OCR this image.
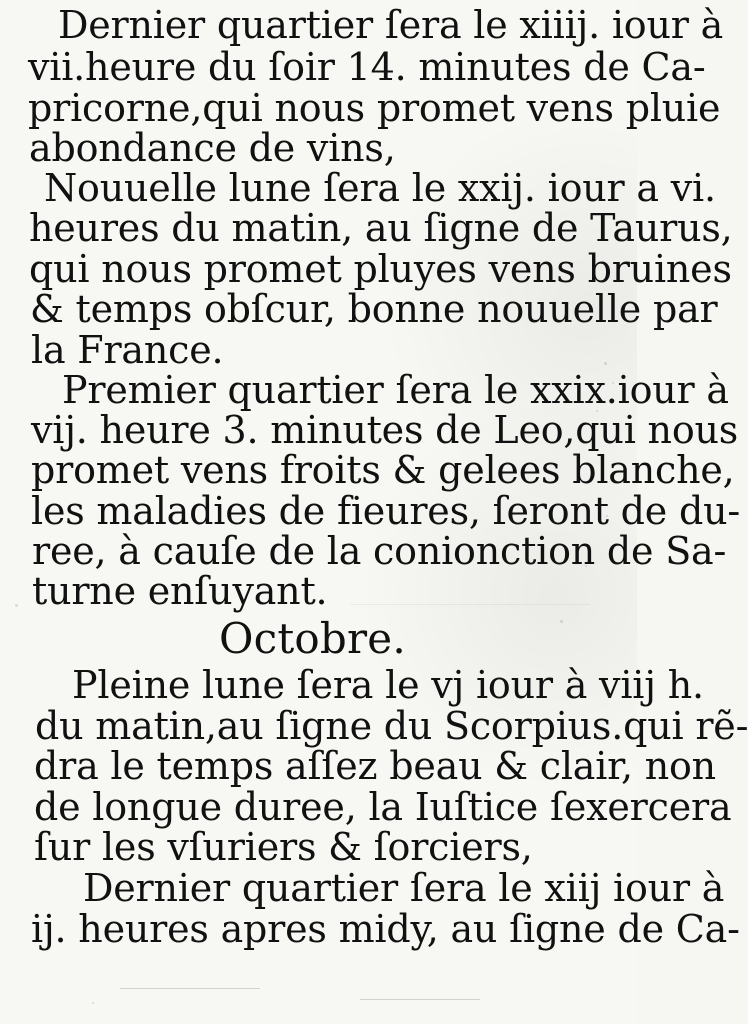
Dernier quartier ſera le xiiij. iour à
vii.heure du ſoir 14. minutes de Ca-
pricorne,qui nous promet vens pluie
abondance de vins,
Nouuelle lune ſera le xxij. iour a vi.
heures du matin, au ſigne de Taurus,
qui nous promet pluyes vens bruines
& temps obſcur, bonne nouuelle par
la France.
Premier quartier ſera le xxix.iour à
vij. heure 3. minutes de Leo,qui nous
promet vens froits & gelees blanche,
les maladies de fieures, ſeront de du-
ree, à cauſe de la conionction de Sa-
turne enſuyant.
Octobre.
Pleine lune ſera le vj iour à viij h.
du matin,au ſigne du Scorpius.qui rẽ-
dra le temps aſſez beau & clair, non
de longue duree, la Iuſtice ſexercera
ſur les vſuriers & ſorciers,
Dernier quartier ſera le xiij iour à
ij. heures apres midy, au ſigne de Ca-
